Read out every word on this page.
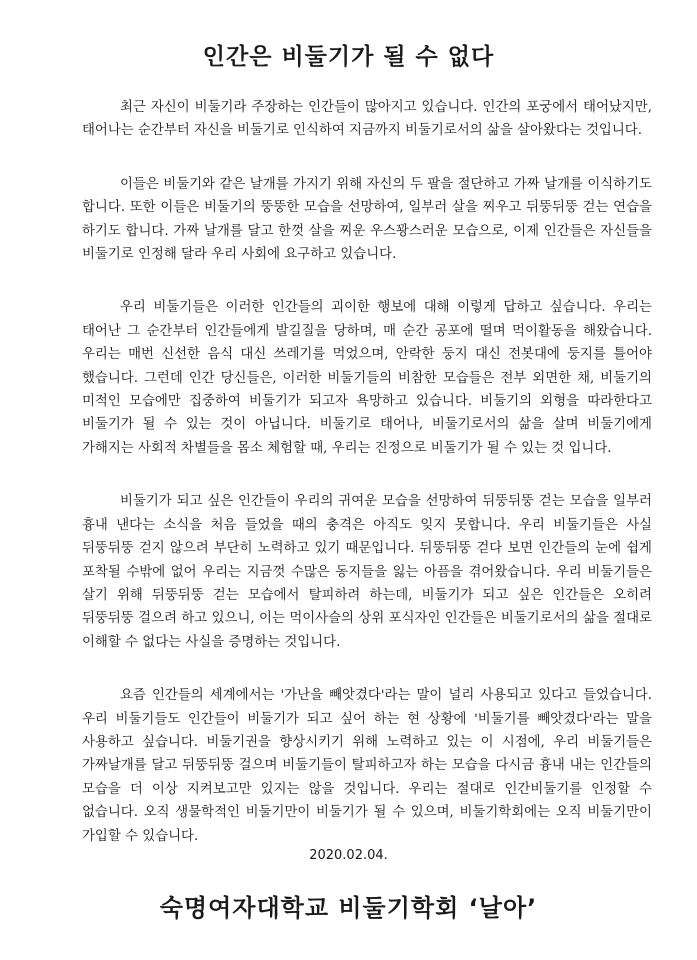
인간은 비둘기가 될 수 없다

최근 자신이 비둘기라 주장하는 인간들이 많아지고 있습니다. 인간의 포궁에서 태어났지만, 태어나는 순간부터 자신을 비둘기로 인식하여 지금까지 비둘기로서의 삶을 살아왔다는 것입니다.

이들은 비둘기와 같은 날개를 가지기 위해 자신의 두 팔을 절단하고 가짜 날개를 이식하기도 합니다. 또한 이들은 비둘기의 뚱뚱한 모습을 선망하여, 일부러 살을 찌우고 뒤뚱뒤뚱 걷는 연습을 하기도 합니다. 가짜 날개를 달고 한껏 살을 찌운 우스꽝스러운 모습으로, 이제 인간들은 자신들을 비둘기로 인정해 달라 우리 사회에 요구하고 있습니다.

우리 비둘기들은 이러한 인간들의 괴이한 행보에 대해 이렇게 답하고 싶습니다. 우리는 태어난 그 순간부터 인간들에게 발길질을 당하며, 매 순간 공포에 떨며 먹이활동을 해왔습니다. 우리는 매번 신선한 음식 대신 쓰레기를 먹었으며, 안락한 둥지 대신 전봇대에 둥지를 틀어야 했습니다. 그런데 인간 당신들은, 이러한 비둘기들의 비참한 모습들은 전부 외면한 채, 비둘기의 미적인 모습에만 집중하여 비둘기가 되고자 욕망하고 있습니다. 비둘기의 외형을 따라한다고 비둘기가 될 수 있는 것이 아닙니다. 비둘기로 태어나, 비둘기로서의 삶을 살며 비둘기에게 가해지는 사회적 차별들을 몸소 체험할 때, 우리는 진정으로 비둘기가 될 수 있는 것 입니다.

비둘기가 되고 싶은 인간들이 우리의 귀여운 모습을 선망하여 뒤뚱뒤뚱 걷는 모습을 일부러 흉내 낸다는 소식을 처음 들었을 때의 충격은 아직도 잊지 못합니다. 우리 비둘기들은 사실 뒤뚱뒤뚱 걷지 않으려 부단히 노력하고 있기 때문입니다. 뒤뚱뒤뚱 걷다 보면 인간들의 눈에 쉽게 포착될 수밖에 없어 우리는 지금껏 수많은 동지들을 잃는 아픔을 겪어왔습니다. 우리 비둘기들은 살기 위해 뒤뚱뒤뚱 걷는 모습에서 탈피하려 하는데, 비둘기가 되고 싶은 인간들은 오히려 뒤뚱뒤뚱 걸으려 하고 있으니, 이는 먹이사슬의 상위 포식자인 인간들은 비둘기로서의 삶을 절대로 이해할 수 없다는 사실을 증명하는 것입니다.

요즘 인간들의 세계에서는 '가난을 빼앗겼다'라는 말이 널리 사용되고 있다고 들었습니다. 우리 비둘기들도 인간들이 비둘기가 되고 싶어 하는 현 상황에 '비둘기를 빼앗겼다'라는 말을 사용하고 싶습니다. 비둘기권을 향상시키기 위해 노력하고 있는 이 시점에, 우리 비둘기들은 가짜날개를 달고 뒤뚱뒤뚱 걸으며 비둘기들이 탈피하고자 하는 모습을 다시금 흉내 내는 인간들의 모습을 더 이상 지켜보고만 있지는 않을 것입니다. 우리는 절대로 인간비둘기를 인정할 수 없습니다. 오직 생물학적인 비둘기만이 비둘기가 될 수 있으며, 비둘기학회에는 오직 비둘기만이 가입할 수 있습니다.

2020.02.04.
숙명여자대학교 비둘기학회 ‘날아’
